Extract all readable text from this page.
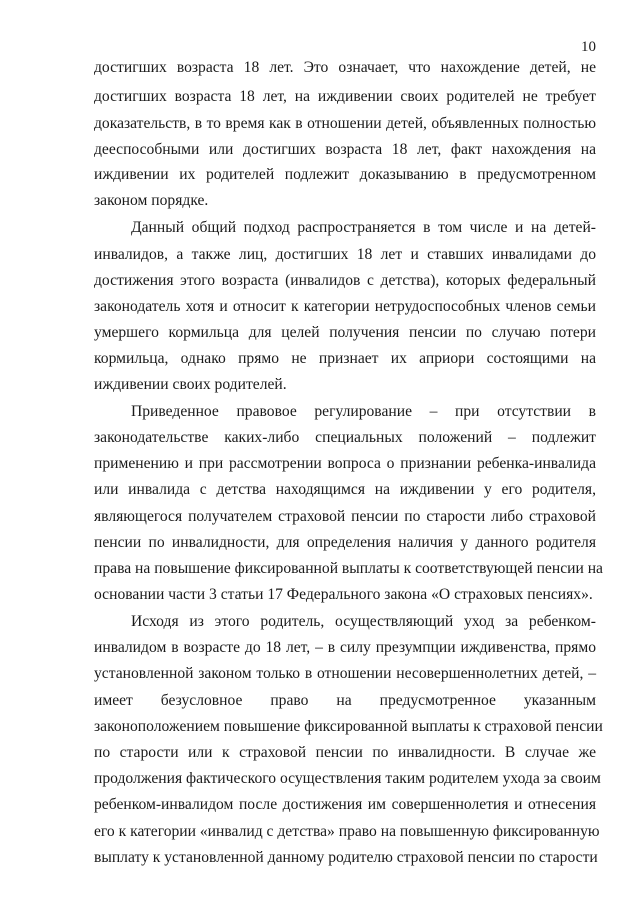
10
достигших возраста 18 лет. Это означает, что нахождение детей, не
достигших возраста 18 лет, на иждивении своих родителей не требует
доказательств, в то время как в отношении детей, объявленных полностью
дееспособными или достигших возраста 18 лет, факт нахождения на
иждивении их родителей подлежит доказыванию в предусмотренном
законом порядке.
Данный общий подход распространяется в том числе и на детей-
инвалидов, а также лиц, достигших 18 лет и ставших инвалидами до
достижения этого возраста (инвалидов с детства), которых федеральный
законодатель хотя и относит к категории нетрудоспособных членов семьи
умершего кормильца для целей получения пенсии по случаю потери
кормильца, однако прямо не признает их априори состоящими на
иждивении своих родителей.
Приведенное правовое регулирование – при отсутствии в
законодательстве каких-либо специальных положений – подлежит
применению и при рассмотрении вопроса о признании ребенка-инвалида
или инвалида с детства находящимся на иждивении у его родителя,
являющегося получателем страховой пенсии по старости либо страховой
пенсии по инвалидности, для определения наличия у данного родителя
права на повышение фиксированной выплаты к соответствующей пенсии на
основании части 3 статьи 17 Федерального закона «О страховых пенсиях».
Исходя из этого родитель, осуществляющий уход за ребенком-
инвалидом в возрасте до 18 лет, – в силу презумпции иждивенства, прямо
установленной законом только в отношении несовершеннолетних детей, –
имеет безусловное право на предусмотренное указанным
законоположением повышение фиксированной выплаты к страховой пенсии
по старости или к страховой пенсии по инвалидности. В случае же
продолжения фактического осуществления таким родителем ухода за своим
ребенком-инвалидом после достижения им совершеннолетия и отнесения
его к категории «инвалид с детства» право на повышенную фиксированную
выплату к установленной данному родителю страховой пенсии по старости
